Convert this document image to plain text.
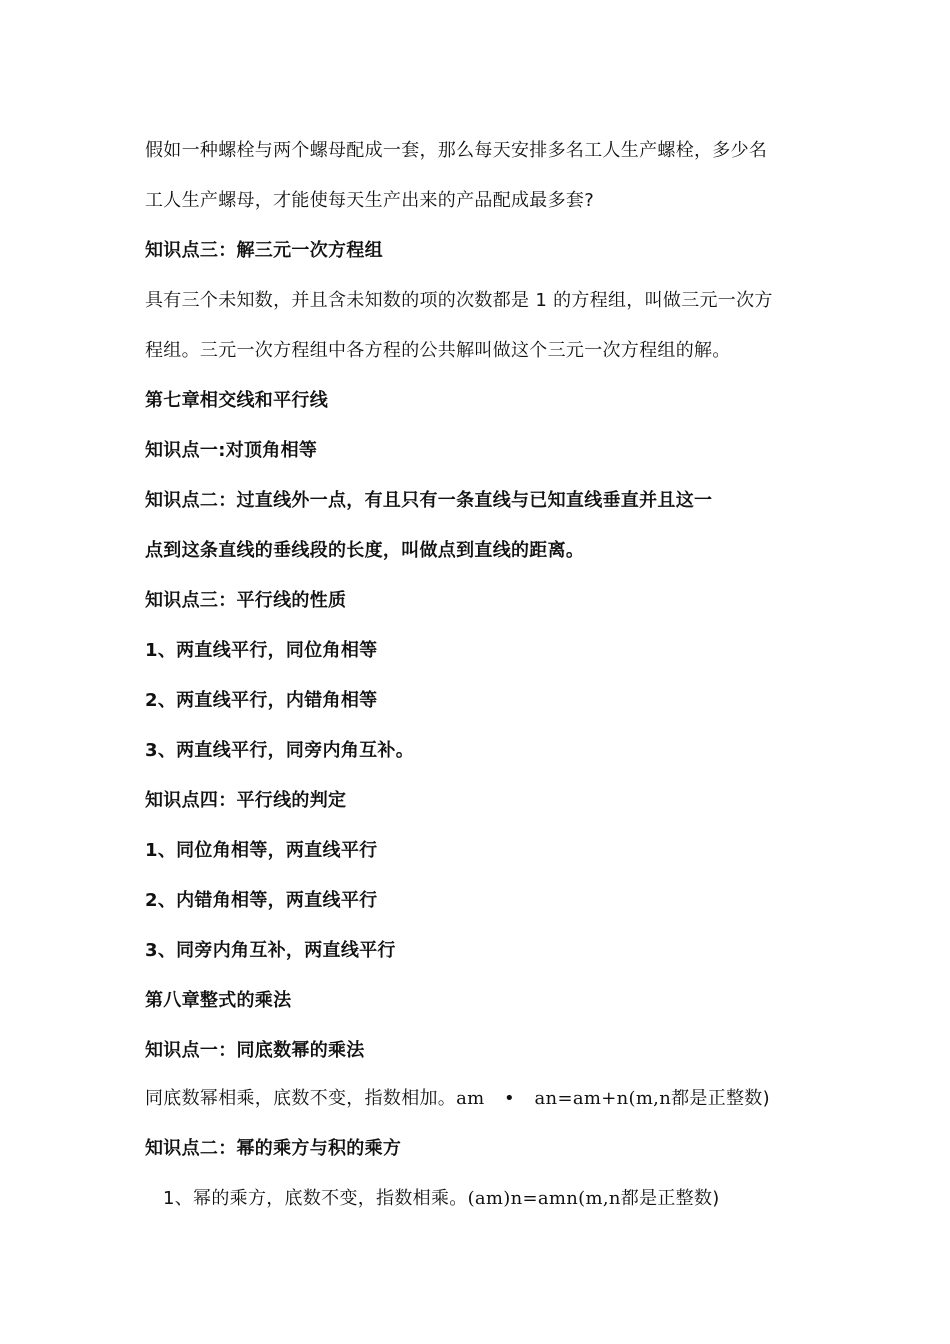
假如一种螺栓与两个螺母配成一套，那么每天安排多名工人生产螺栓，多少名
工人生产螺母，才能使每天生产出来的产品配成最多套?
知识点三：解三元一次方程组
具有三个未知数，并且含未知数的项的次数都是 1 的方程组，叫做三元一次方
程组。三元一次方程组中各方程的公共解叫做这个三元一次方程组的解。
第七章相交线和平行线
知识点一:对顶角相等
知识点二：过直线外一点，有且只有一条直线与已知直线垂直并且这一
点到这条直线的垂线段的长度，叫做点到直线的距离。
知识点三：平行线的性质
1、两直线平行，同位角相等
2、两直线平行，内错角相等
3、两直线平行，同旁内角互补。
知识点四：平行线的判定
1、同位角相等，两直线平行
2、内错角相等，两直线平行
3、同旁内角互补，两直线平行
第八章整式的乘法
知识点一：同底数幂的乘法
同底数幂相乘，底数不变，指数相加。am • an=am+n(m,n都是正整数)
知识点二：幂的乘方与积的乘方
1、幂的乘方，底数不变，指数相乘。(am)n=amn(m,n都是正整数)
